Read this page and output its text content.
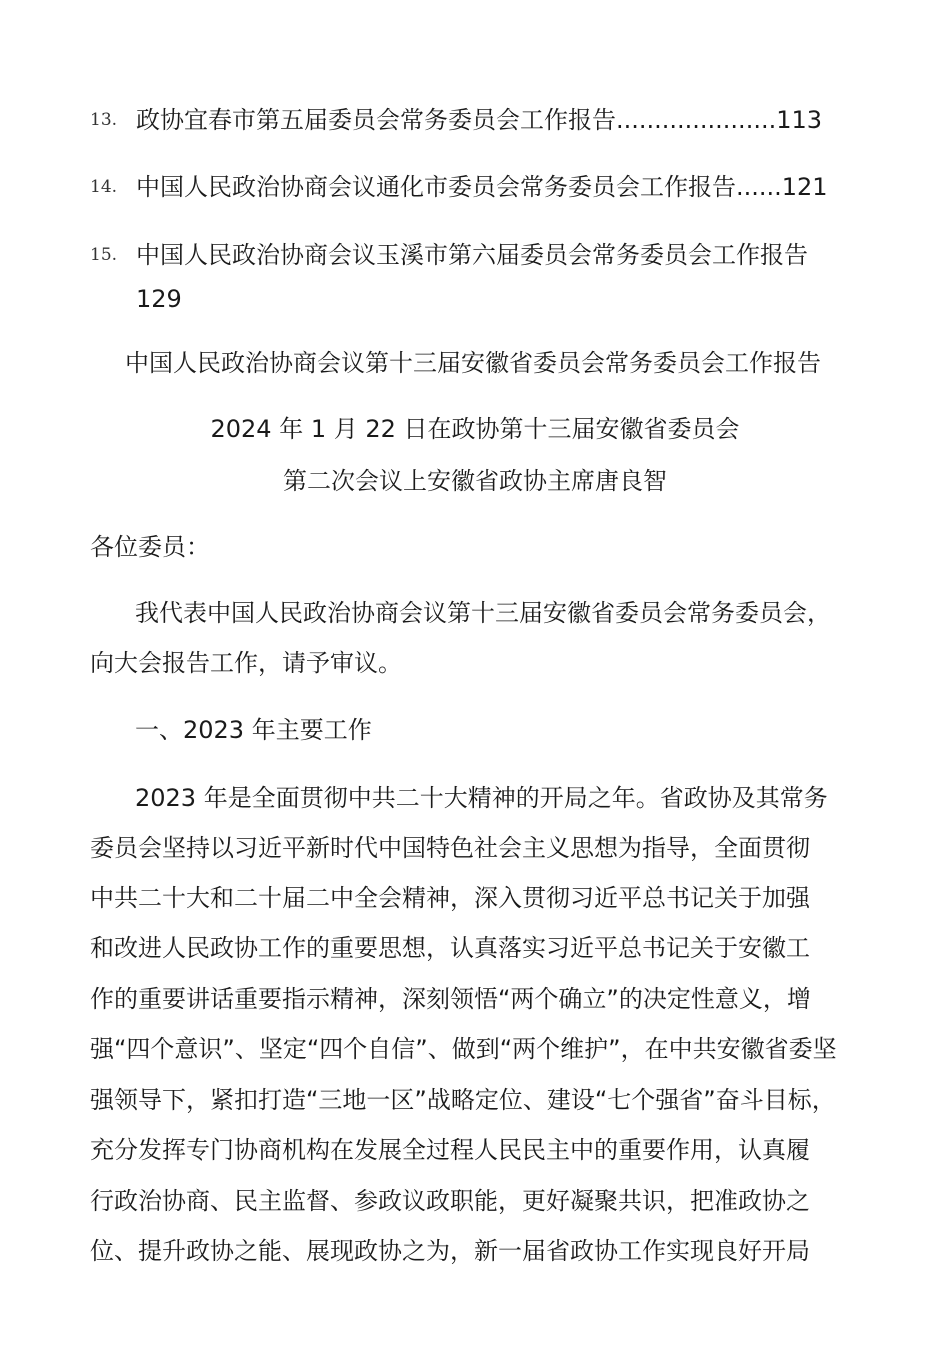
13. 政协宜春市第五届委员会常务委员会工作报告.....................113
14. 中国人民政治协商会议通化市委员会常务委员会工作报告......121
15. 中国人民政治协商会议玉溪市第六届委员会常务委员会工作报告
129
中国人民政治协商会议第十三届安徽省委员会常务委员会工作报告
2024 年 1 月 22 日在政协第十三届安徽省委员会
第二次会议上安徽省政协主席唐良智
各位委员：
我代表中国人民政治协商会议第十三届安徽省委员会常务委员会，
向大会报告工作，请予审议。
一、2023 年主要工作
2023 年是全面贯彻中共二十大精神的开局之年。省政协及其常务
委员会坚持以习近平新时代中国特色社会主义思想为指导，全面贯彻
中共二十大和二十届二中全会精神，深入贯彻习近平总书记关于加强
和改进人民政协工作的重要思想，认真落实习近平总书记关于安徽工
作的重要讲话重要指示精神，深刻领悟“两个确立”的决定性意义，增
强“四个意识”、坚定“四个自信”、做到“两个维护”，在中共安徽省委坚
强领导下，紧扣打造“三地一区”战略定位、建设“七个强省”奋斗目标，
充分发挥专门协商机构在发展全过程人民民主中的重要作用，认真履
行政治协商、民主监督、参政议政职能，更好凝聚共识，把准政协之
位、提升政协之能、展现政协之为，新一届省政协工作实现良好开局
